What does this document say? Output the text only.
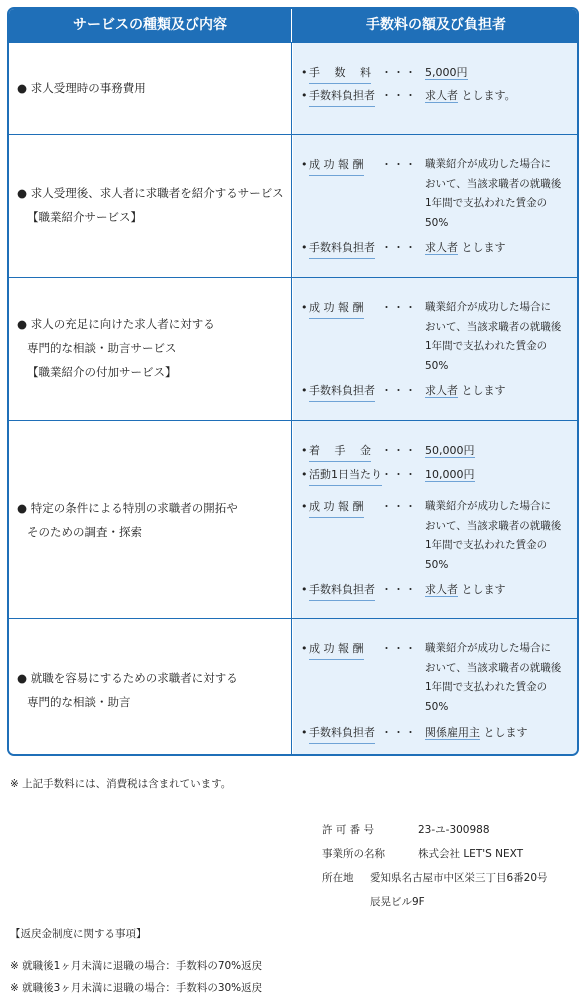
サービスの種類及び内容	手数料の額及び負担者
● 求人受理時の事務費用
• 手　 数　 料 ・・・ 5,000円
• 手数料負担者 ・・・ 求人者 とします。
● 求人受理後、求人者に求職者を紹介するサービス
【職業紹介サービス】
• 成 功 報 酬 ・・・ 職業紹介が成功した場合に
おいて、当該求職者の就職後
1年間で支払われた賃金の
50%
• 手数料負担者 ・・・ 求人者 とします
● 求人の充足に向けた求人者に対する
専門的な相談・助言サービス
【職業紹介の付加サービス】
• 成 功 報 酬 ・・・ 職業紹介が成功した場合に
おいて、当該求職者の就職後
1年間で支払われた賃金の
50%
• 手数料負担者 ・・・ 求人者 とします
● 特定の条件による特別の求職者の開拓や
そのための調査・探索
• 着　 手　 金 ・・・ 50,000円
• 活動1日当たり ・・・ 10,000円
• 成 功 報 酬 ・・・ 職業紹介が成功した場合に
おいて、当該求職者の就職後
1年間で支払われた賃金の
50%
• 手数料負担者 ・・・ 求人者 とします
● 就職を容易にするための求職者に対する
専門的な相談・助言
• 成 功 報 酬 ・・・ 職業紹介が成功した場合に
おいて、当該求職者の就職後
1年間で支払われた賃金の
50%
• 手数料負担者 ・・・ 関係雇用主 とします
※ 上記手数料には、消費税は含まれています。
許 可 番 号	23-ユ-300988
事業所の名称	株式会社 LET'S NEXT
所在地 愛知県名古屋市中区栄三丁目6番20号
辰晃ビル9F
【返戻金制度に関する事項】
※ 就職後1ヶ月未満に退職の場合：手数料の70%返戻
※ 就職後3ヶ月未満に退職の場合：手数料の30%返戻
